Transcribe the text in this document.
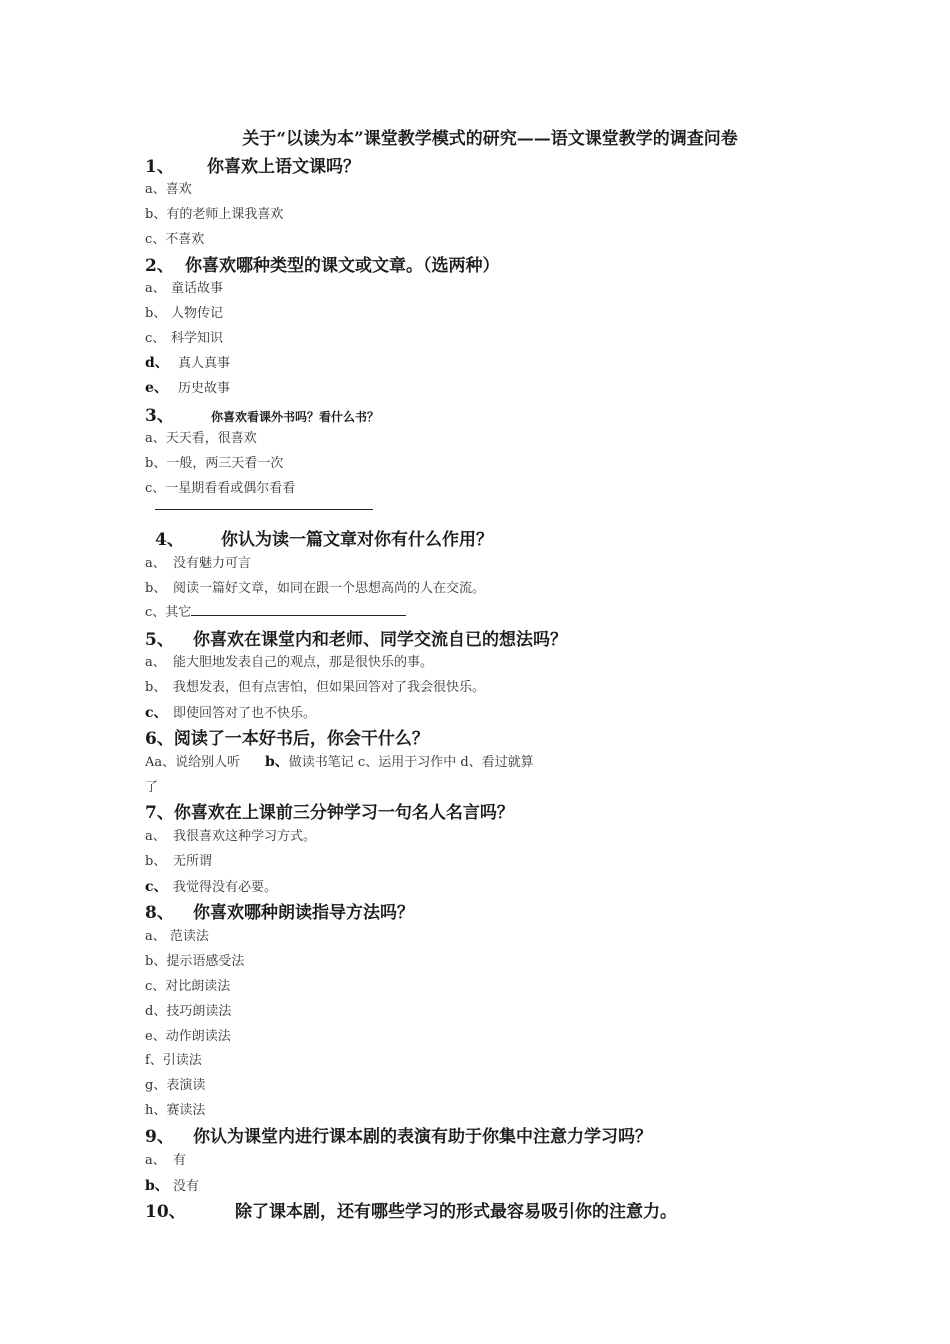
关于“以读为本”课堂教学模式的研究——语文课堂教学的调查问卷
1、 你喜欢上语文课吗？
a、喜欢
b、有的老师上课我喜欢
c、不喜欢
2、 你喜欢哪种类型的课文或文章。（选两种）
a、 童话故事
b、 人物传记
c、 科学知识
d、 真人真事
e、 历史故事
3、	你喜欢看课外书吗？看什么书？
a、天天看，很喜欢
b、一般，两三天看一次
c、一星期看看或偶尔看看
4、 你认为读一篇文章对你有什么作用？
a、 没有魅力可言
b、 阅读一篇好文章，如同在跟一个思想高尚的人在交流。
c、其它
5、 你喜欢在课堂内和老师、同学交流自已的想法吗？
a、 能大胆地发表自己的观点，那是很快乐的事。
b、 我想发表，但有点害怕，但如果回答对了我会很快乐。
c、 即使回答对了也不快乐。
6、阅读了一本好书后，你会干什么？
Aa、说给别人听 b、做读书笔记 c、运用于习作中 d、看过就算
了
7、你喜欢在上课前三分钟学习一句名人名言吗？
a、 我很喜欢这种学习方式。
b、 无所谓
c、 我觉得没有必要。
8、 你喜欢哪种朗读指导方法吗？
a、 范读法
b、提示语感受法
c、对比朗读法
d、技巧朗读法
e、动作朗读法
f、引读法
g、表演读
h、赛读法
9、 你认为课堂内进行课本剧的表演有助于你集中注意力学习吗？
a、 有
b、 没有
10、	除了课本剧，还有哪些学习的形式最容易吸引你的注意力。
